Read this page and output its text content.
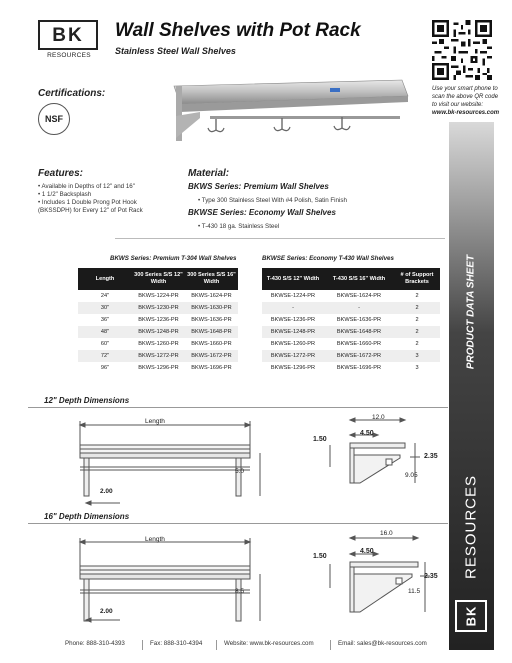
BK
RESOURCES
Wall Shelves with Pot Rack
Stainless Steel Wall Shelves
Use your smart phone to scan the above QR code to visit our website:
www.bk-resources.com
PRODUCT DATA SHEET
RESOURCES
BK
Certifications:
NSF
Features:
• Available in Depths of 12" and 16"
• 1 1/2" Backsplash
• Includes 1 Double Prong Pot Hook
(BKSSDPH) for Every 12" of Pot Rack
Material:
BKWS Series: Premium Wall Shelves
• Type 300 Stainless Steel With #4 Polish, Satin Finish
BKWSE Series: Economy Wall Shelves
• T-430 18 ga. Stainless Steel
BKWS Series: Premium T-304 Wall Shelves	BKWSE Series: Economy T-430 Wall Shelves
Length	300 Series S/S 12" Width	300 Series S/S 16" Width
24"	BKWS-1224-PR	BKWS-1624-PR
30"	BKWS-1230-PR	BKWS-1630-PR
36"	BKWS-1236-PR	BKWS-1636-PR
48"	BKWS-1248-PR	BKWS-1648-PR
60"	BKWS-1260-PR	BKWS-1660-PR
72"	BKWS-1272-PR	BKWS-1672-PR
96"	BKWS-1296-PR	BKWS-1696-PR
T-430 S/S 12" Width	T-430 S/S 16" Width	# of Support Brackets
BKWSE-1224-PR	BKWSE-1624-PR	2
-	-	2
BKWSE-1236-PR	BKWSE-1636-PR	2
BKWSE-1248-PR	BKWSE-1648-PR	2
BKWSE-1260-PR	BKWSE-1660-PR	2
BKWSE-1272-PR	BKWSE-1672-PR	3
BKWSE-1296-PR	BKWSE-1696-PR	3
12" Depth Dimensions
Length
5.0
2.00
12.0
4.50
1.50
2.35
9.05
16" Depth Dimensions
Length
8.5
2.00
16.0
4.50
1.50
2.35
11.5
Phone: 888-310-4393	Fax: 888-310-4394	Website: www.bk-resources.com	Email: sales@bk-resources.com
